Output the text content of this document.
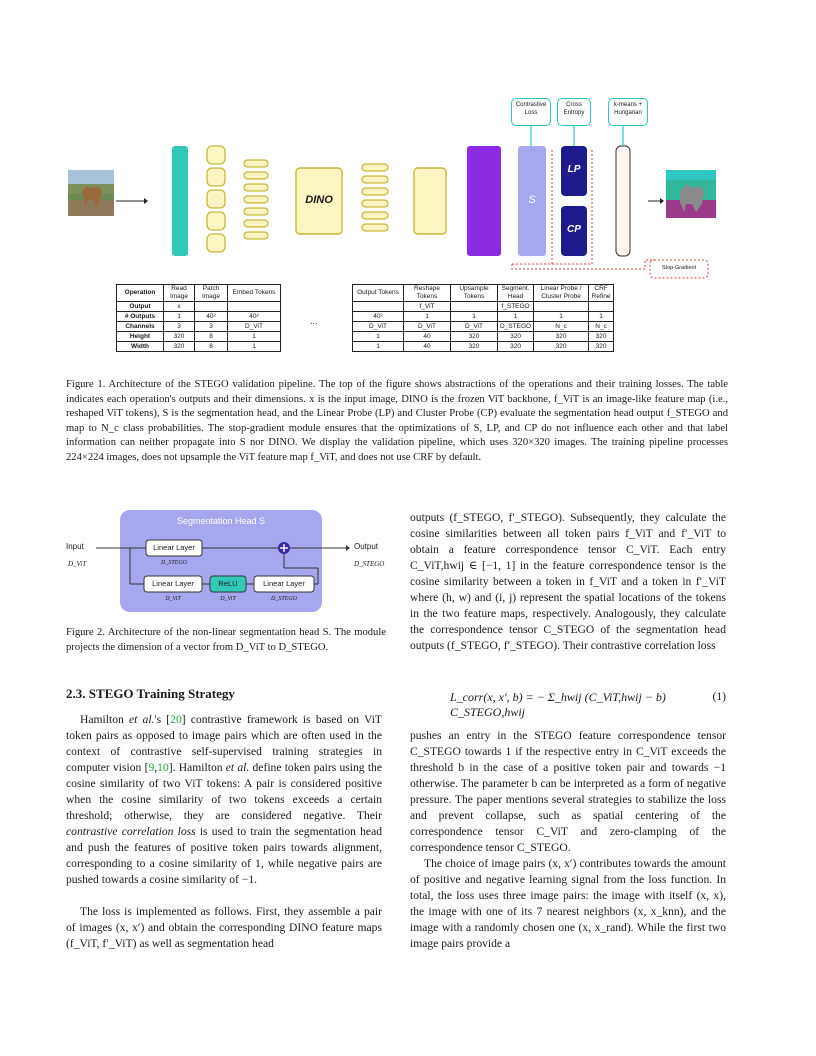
Contrastive Loss
Cross Entropy
k-means + Hungarian
DINO	S
LP
CP
Stop-Gradient
Operation	Read Image	Patch Image	Embed Tokens
Output	x		
# Outputs	1	40²	40²
Channels	3	3	D_ViT
Height	320	8	1
Width	320	8	1
...
Output Tokens	Reshape Tokens	Upsample Tokens	Segment. Head	Linear Probe / Cluster Probe	CRF Refine
	f_ViT		f_STEGO		
40²	1	1	1	1	1
D_ViT	D_ViT	D_ViT	D_STEGO	N_c	N_c
1	40	320	320	320	320
1	40	320	320	320	320
Figure 1. Architecture of the STEGO validation pipeline. The top of the figure shows abstractions of the operations and their training losses. The table indicates each operation's outputs and their dimensions. x is the input image, DINO is the frozen ViT backbone, f_ViT is an image-like feature map (i.e., reshaped ViT tokens), S is the segmentation head, and the Linear Probe (LP) and Cluster Probe (CP) evaluate the segmentation head output f_STEGO and map to N_c class probabilities. The stop-gradient module ensures that the optimizations of S, LP, and CP do not influence each other and that label information can neither propagate into S nor DINO. We display the validation pipeline, which uses 320×320 images. The training pipeline processes 224×224 images, does not upsample the ViT feature map f_ViT, and does not use CRF by default.
Segmentation Head S
Input
D_ViT
Output
D_STEGO
Linear Layer
D_STEGO
Linear Layer	ReLU	Linear Layer
D_ViT	D_ViT	D_STEGO
Figure 2. Architecture of the non-linear segmentation head S. The module projects the dimension of a vector from D_ViT to D_STEGO.
2.3. STEGO Training Strategy
Hamilton et al.'s [20] contrastive framework is based on ViT token pairs as opposed to image pairs which are often used in the context of contrastive self-supervised training strategies in computer vision [9,10]. Hamilton et al. define token pairs using the cosine similarity of two ViT tokens: A pair is considered positive when the cosine similarity of two tokens exceeds a certain threshold; otherwise, they are considered negative. Their contrastive correlation loss is used to train the segmentation head and push the features of positive token pairs towards alignment, corresponding to a cosine similarity of 1, while negative pairs are pushed towards a cosine similarity of −1.
The loss is implemented as follows. First, they assemble a pair of images (x, x′) and obtain the corresponding DINO feature maps (f_ViT, f′_ViT) as well as segmentation head
outputs (f_STEGO, f′_STEGO). Subsequently, they calculate the cosine similarities between all token pairs f_ViT and f′_ViT to obtain a feature correspondence tensor C_ViT. Each entry C_ViT,hwij ∈ [−1, 1] in the feature correspondence tensor is the cosine similarity between a token in f_ViT and a token in f′_ViT where (h, w) and (i, j) represent the spatial locations of the tokens in the two feature maps, respectively. Analogously, they calculate the correspondence tensor C_STEGO of the segmentation head outputs (f_STEGO, f′_STEGO). Their contrastive correlation loss
L_corr(x, x′, b) = − Σ_hwij (C_ViT,hwij − b) C_STEGO,hwij
(1)
pushes an entry in the STEGO feature correspondence tensor C_STEGO towards 1 if the respective entry in C_ViT exceeds the threshold b in the case of a positive token pair and towards −1 otherwise. The parameter b can be interpreted as a form of negative pressure. The paper mentions several strategies to stabilize the loss and prevent collapse, such as spatial centering of the correspondence tensor C_ViT and zero-clamping of the correspondence tensor C_STEGO.
The choice of image pairs (x, x′) contributes towards the amount of positive and negative learning signal from the loss function. In total, the loss uses three image pairs: the image with itself (x, x), the image with one of its 7 nearest neighbors (x, x_knn), and the image with a randomly chosen one (x, x_rand). While the first two image pairs provide a
